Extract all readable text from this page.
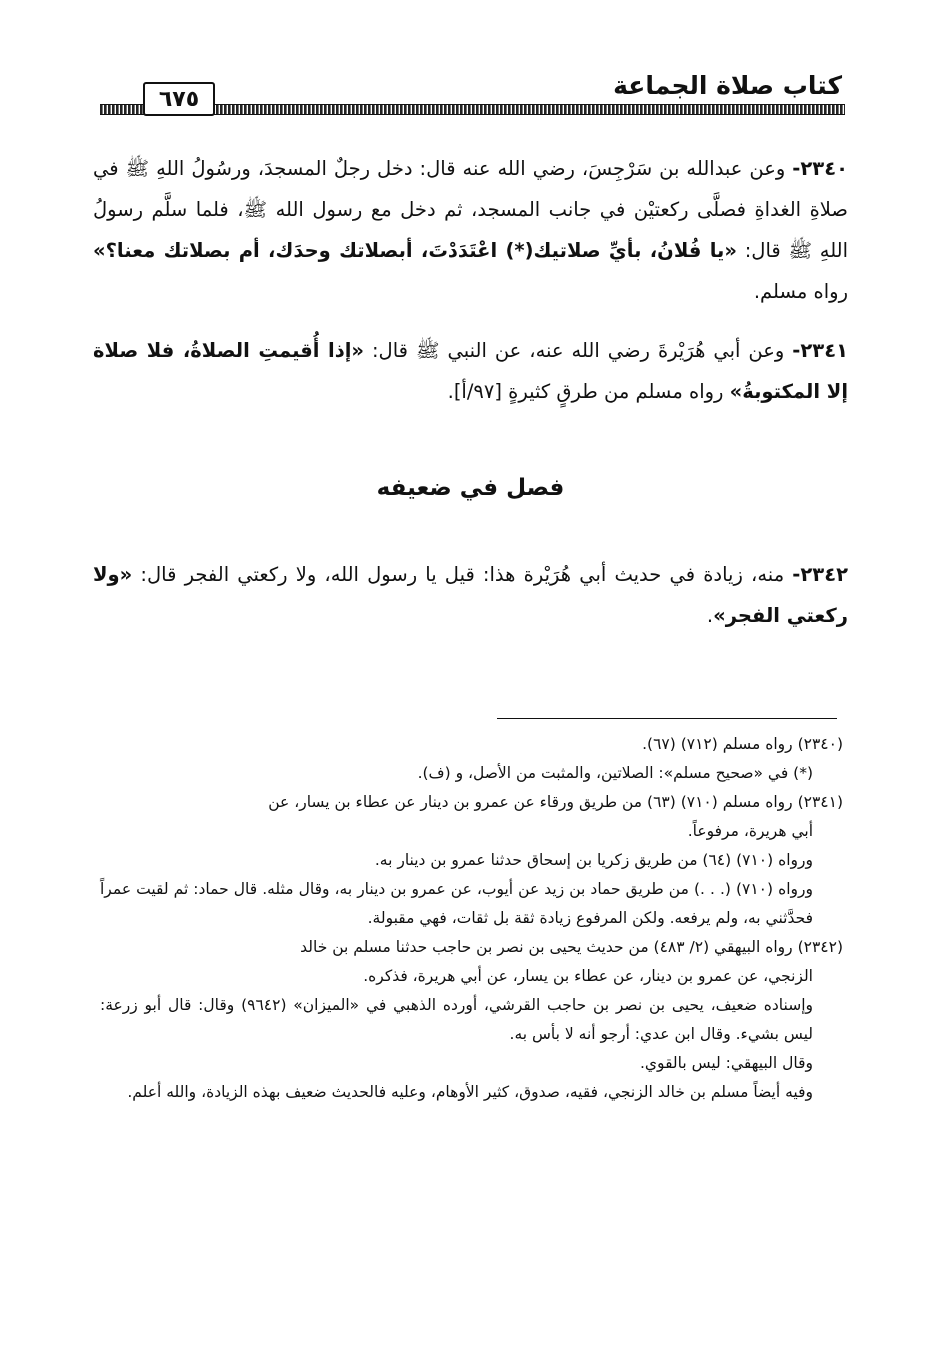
كتاب صلاة الجماعة
٦٧٥

٢٣٤٠- وعن عبدالله بن سَرْجِسَ، رضي الله عنه قال: دخل رجلٌ المسجدَ، ورسُولُ اللهِ ﷺ في صلاةِ الغداةِ فصلَّى ركعتيْن في جانب المسجد، ثم دخل مع رسول الله ﷺ، فلما سلَّم رسولُ اللهِ ﷺ قال: «يا فُلانُ، بأيِّ صلاتيك(*) اعْتَدَدْتَ، أبصلاتك وحدَك، أم بصلاتك معنا؟» رواه مسلم.

٢٣٤١- وعن أبي هُرَيْرةَ رضي الله عنه، عن النبي ﷺ قال: «إذا أُقيمتِ الصلاةُ، فلا صلاة إلا المكتوبةُ» رواه مسلم من طرقٍ كثيرةٍ [٩٧/أ].

فصل في ضعيفه

٢٣٤٢- منه، زيادة في حديث أبي هُرَيْرة هذا: قيل يا رسول الله، ولا ركعتي الفجر قال: «ولا ركعتي الفجر».

(٢٣٤٠) رواه مسلم (٧١٢) (٦٧).

(*) في «صحيح مسلم»: الصلاتين، والمثبت من الأصل، و (ف).

(٢٣٤١) رواه مسلم (٧١٠) (٦٣) من طريق ورقاء عن عمرو بن دينار عن عطاء بن يسار، عن
أبي هريرة، مرفوعاً.

ورواه (٧١٠) (٦٤) من طريق زكريا بن إسحاق حدثنا عمرو بن دينار به.

ورواه (٧١٠) (. . .) من طريق حماد بن زيد عن أيوب، عن عمرو بن دينار به، وقال مثله. قال حماد: ثم لقيت عمراً فحدَّثني به، ولم يرفعه. ولكن المرفوع زيادة ثقة بل ثقات، فهي مقبولة.

(٢٣٤٢) رواه البيهقي (٢/ ٤٨٣) من حديث يحيى بن نصر بن حاجب حدثنا مسلم بن خالد
الزنجي، عن عمرو بن دينار، عن عطاء بن يسار، عن أبي هريرة، فذكره.

وإسناده ضعيف، يحيى بن نصر بن حاجب القرشي، أورده الذهبي في «الميزان» (٩٦٤٢) وقال: قال أبو زرعة: ليس بشيء. وقال ابن عدي: أرجو أنه لا بأس به.

وقال البيهقي: ليس بالقوي.

وفيه أيضاً مسلم بن خالد الزنجي، فقيه، صدوق، كثير الأوهام، وعليه فالحديث ضعيف بهذه الزيادة، والله أعلم.
